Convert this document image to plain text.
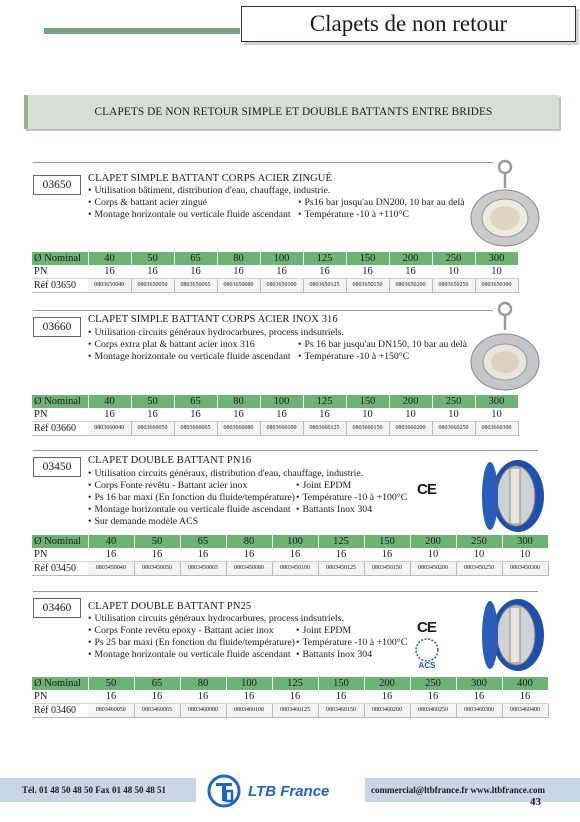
Clapets de non retour
CLAPETS DE NON RETOUR SIMPLE ET DOUBLE BATTANTS ENTRE BRIDES
03650
CLAPET SIMPLE BATTANT CORPS ACIER ZINGUÉ
• Utilisation bâtiment, distribution d'eau, chauffage, industrie.
• Corps & battant acier zingué
• Montage horizontale ou verticale fluide ascendant
• Ps16 bar jusqu'au DN200, 10 bar au delà
• Température -10 à +110°C
Ø Nominal	40	50	65	80	100	125	150	200	250	300
PN	16	16	16	16	16	16	16	16	10	10
Réf 03650	0803650040	0803650050	0803650065	0803650080	0803650100	0803650125	0803650150	0803650200	0803650250	0803650300
03660
CLAPET SIMPLE BATTANT CORPS ACIER INOX 316
• Utilisation circuits généraux hydrocarbures, process indsutriels.
• Corps extra plat & battant acier inox 316
• Montage horizontale ou verticale fluide ascendant
• Ps 16 bar jusqu'au DN150, 10 bar au delà
• Température -10 à +150°C
Ø Nominal	40	50	65	80	100	125	150	200	250	300
PN	16	16	16	16	16	16	10	10	10	10
Réf 03660	0803660040	0803660050	0803660065	0803660080	0803660100	0803660125	0803660150	0803660200	0803660250	0803660300
03450
CLAPET DOUBLE BATTANT PN16
• Utilisation circuits généraux, distribution d'eau, chauffage, industrie.
• Corps Fonte revêtu - Battant acier inox
• Ps 16 bar maxi (En fonction du fluide/température)
• Montage horizontale ou verticale fluide ascendant
• Sur demande modèle ACS
• Joint EPDM
• Température -10 à +100°C
• Battants Inox 304
CE
Ø Nominal	40	50	65	80	100	125	150	200	250	300
PN	16	16	16	16	16	16	16	10	10	10
Réf 03450	0803450040	0803450050	0803450065	0803450080	0803450100	0803450125	0803450150	0803450200	0803450250	0803450300
03460	CLAPET DOUBLE BATTANT PN25
• Utilisation circuits généraux hydrocarbures, process indsutriels.
• Corps Fonte revêtu epoxy - Battant acier inox
• Ps 25 bar maxi (En fonction du fluide/température)
• Montage horizontale ou verticale fluide ascendant
• Joint EPDM
• Température -10 à +100°C
• Battants Inox 304
CE
ACS
Ø Nominal	50	65	80	100	125	150	200	250	300	400
PN	16	16	16	16	16	16	16	16	16	16
Réf 03460	0803460050	0803460065	0803460080	0803460100	0803460125	0803460150	0803460200	0803460250	0803460300	0803460400
Tél. 01 48 50 48 50 Fax 01 48 50 48 51	LTB France	commercial@ltbfrance.fr www.ltbfrance.com
43
